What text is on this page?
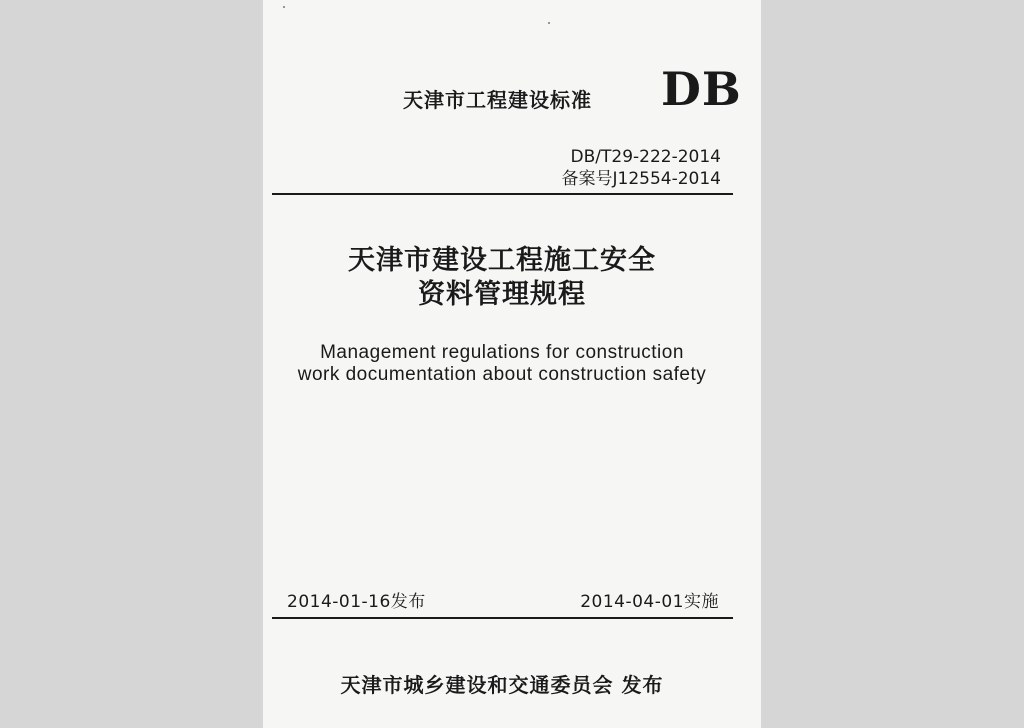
天津市工程建设标准 DB
DB/T29-222-2014
备案号J12554-2014
天津市建设工程施工安全
资料管理规程
Management regulations for construction
work documentation about construction safety
2014-01-16发布	2014-04-01实施
天津市城乡建设和交通委员会 发布
